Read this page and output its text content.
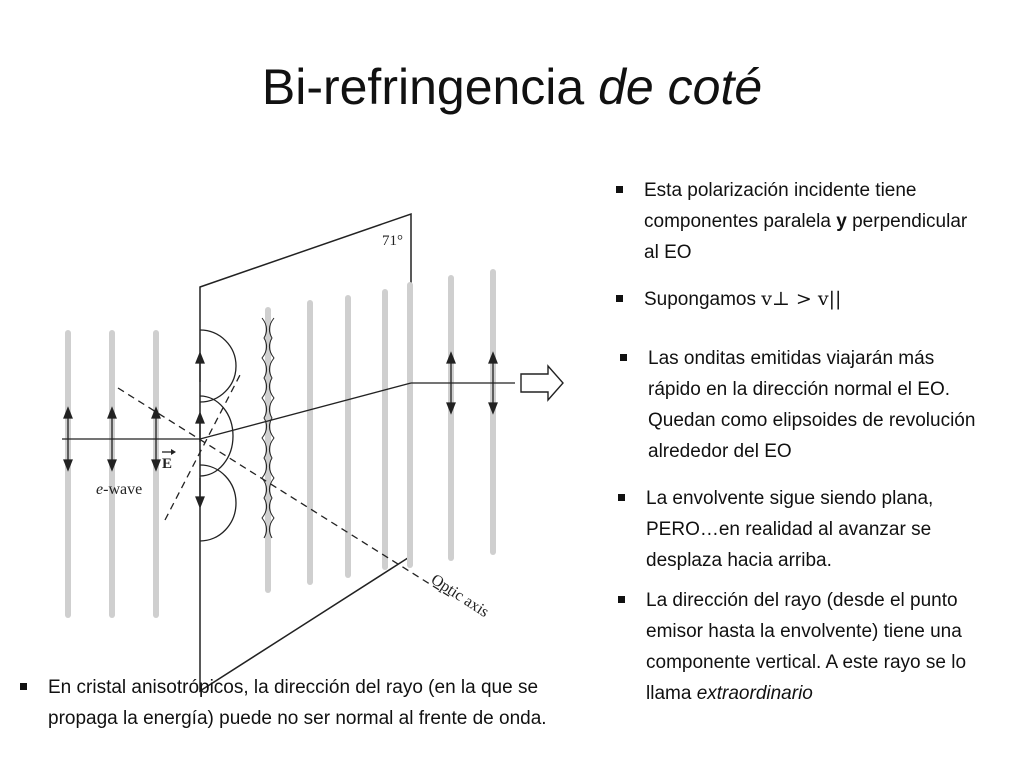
Bi-refringencia de coté
71°
E
e-wave
Optic axis
Esta polarización incidente tiene componentes paralela y perpendicular al EO
Supongamos v⊥ > v||
Las onditas emitidas viajarán más rápido en la dirección normal el EO. Quedan como elipsoides de revolución alrededor del EO
La envolvente sigue siendo plana, PERO…en realidad al avanzar se desplaza hacia arriba.
La dirección del rayo (desde el punto emisor hasta la envolvente) tiene una componente vertical. A este rayo se lo llama extraordinario
En cristal anisotrópicos, la dirección del rayo (en la que se propaga la energía) puede no ser normal al frente de onda.
